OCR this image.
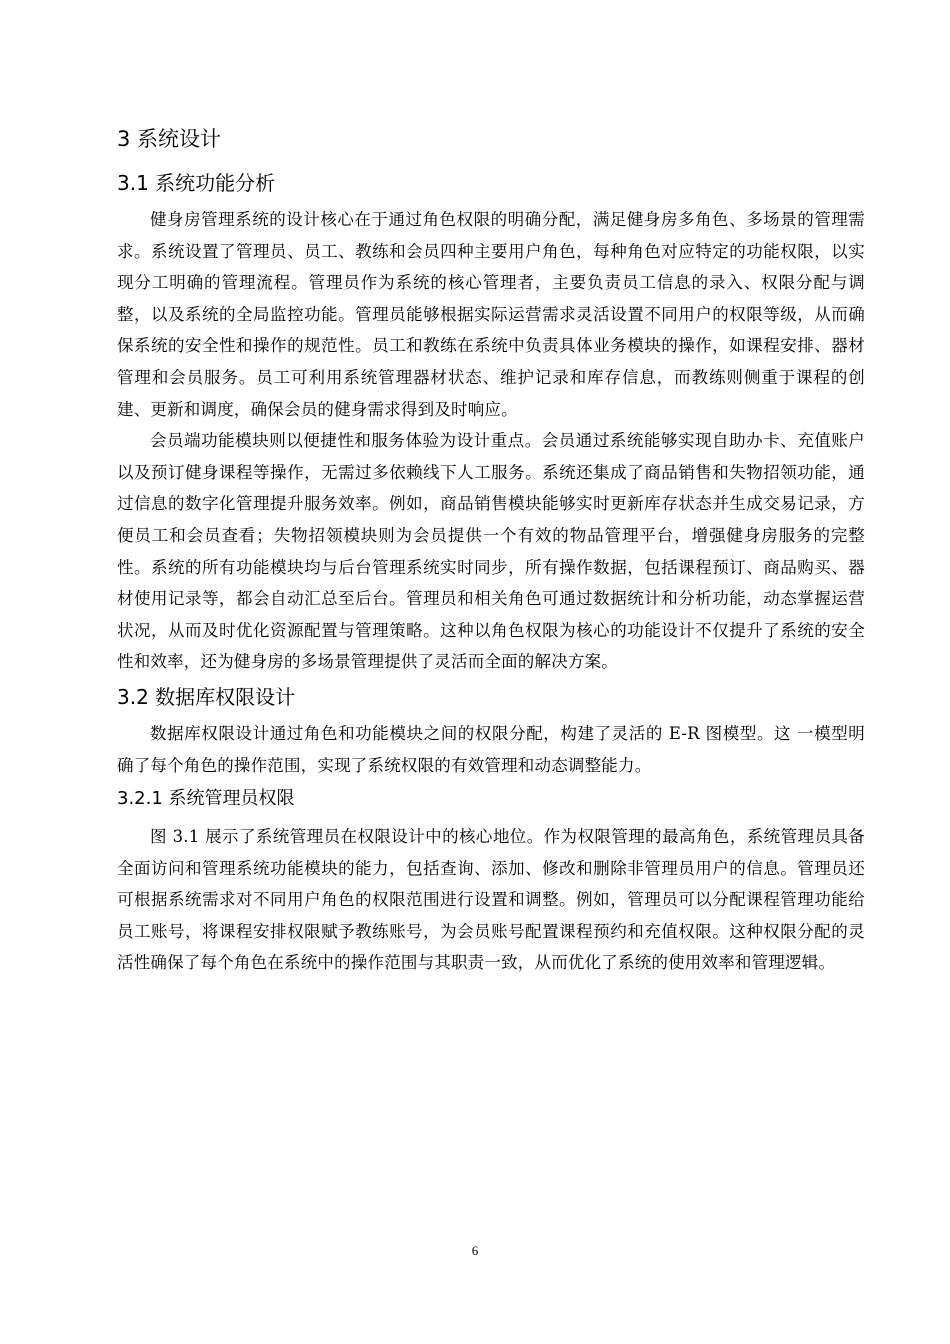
3 系统设计
3.1 系统功能分析

健身房管理系统的设计核心在于通过角色权限的明确分配，满足健身房多角色、多场景的管理需求。系统设置了管理员、员工、教练和会员四种主要用户角色，每种角色对应特定的功能权限，以实现分工明确的管理流程。管理员作为系统的核心管理者，主要负责员工信息的录入、权限分配与调整，以及系统的全局监控功能。管理员能够根据实际运营需求灵活设置不同用户的权限等级，从而确保系统的安全性和操作的规范性。员工和教练在系统中负责具体业务模块的操作，如课程安排、器材管理和会员服务。员工可利用系统管理器材状态、维护记录和库存信息，而教练则侧重于课程的创建、更新和调度，确保会员的健身需求得到及时响应。

会员端功能模块则以便捷性和服务体验为设计重点。会员通过系统能够实现自助办卡、充值账户以及预订健身课程等操作，无需过多依赖线下人工服务。系统还集成了商品销售和失物招领功能，通过信息的数字化管理提升服务效率。例如，商品销售模块能够实时更新库存状态并生成交易记录，方便员工和会员查看；失物招领模块则为会员提供一个有效的物品管理平台，增强健身房服务的完整性。系统的所有功能模块均与后台管理系统实时同步，所有操作数据，包括课程预订、商品购买、器材使用记录等，都会自动汇总至后台。管理员和相关角色可通过数据统计和分析功能，动态掌握运营状况，从而及时优化资源配置与管理策略。这种以角色权限为核心的功能设计不仅提升了系统的安全性和效率，还为健身房的多场景管理提供了灵活而全面的解决方案。

3.2 数据库权限设计

数据库权限设计通过角色和功能模块之间的权限分配，构建了灵活的 E-R 图模型。这 一模型明确了每个角色的操作范围，实现了系统权限的有效管理和动态调整能力。

3.2.1 系统管理员权限

图 3.1 展示了系统管理员在权限设计中的核心地位。作为权限管理的最高角色，系统管理员具备全面访问和管理系统功能模块的能力，包括查询、添加、修改和删除非管理员用户的信息。管理员还可根据系统需求对不同用户角色的权限范围进行设置和调整。例如，管理员可以分配课程管理功能给员工账号，将课程安排权限赋予教练账号，为会员账号配置课程预约和充值权限。这种权限分配的灵活性确保了每个角色在系统中的操作范围与其职责一致，从而优化了系统的使用效率和管理逻辑。

6
